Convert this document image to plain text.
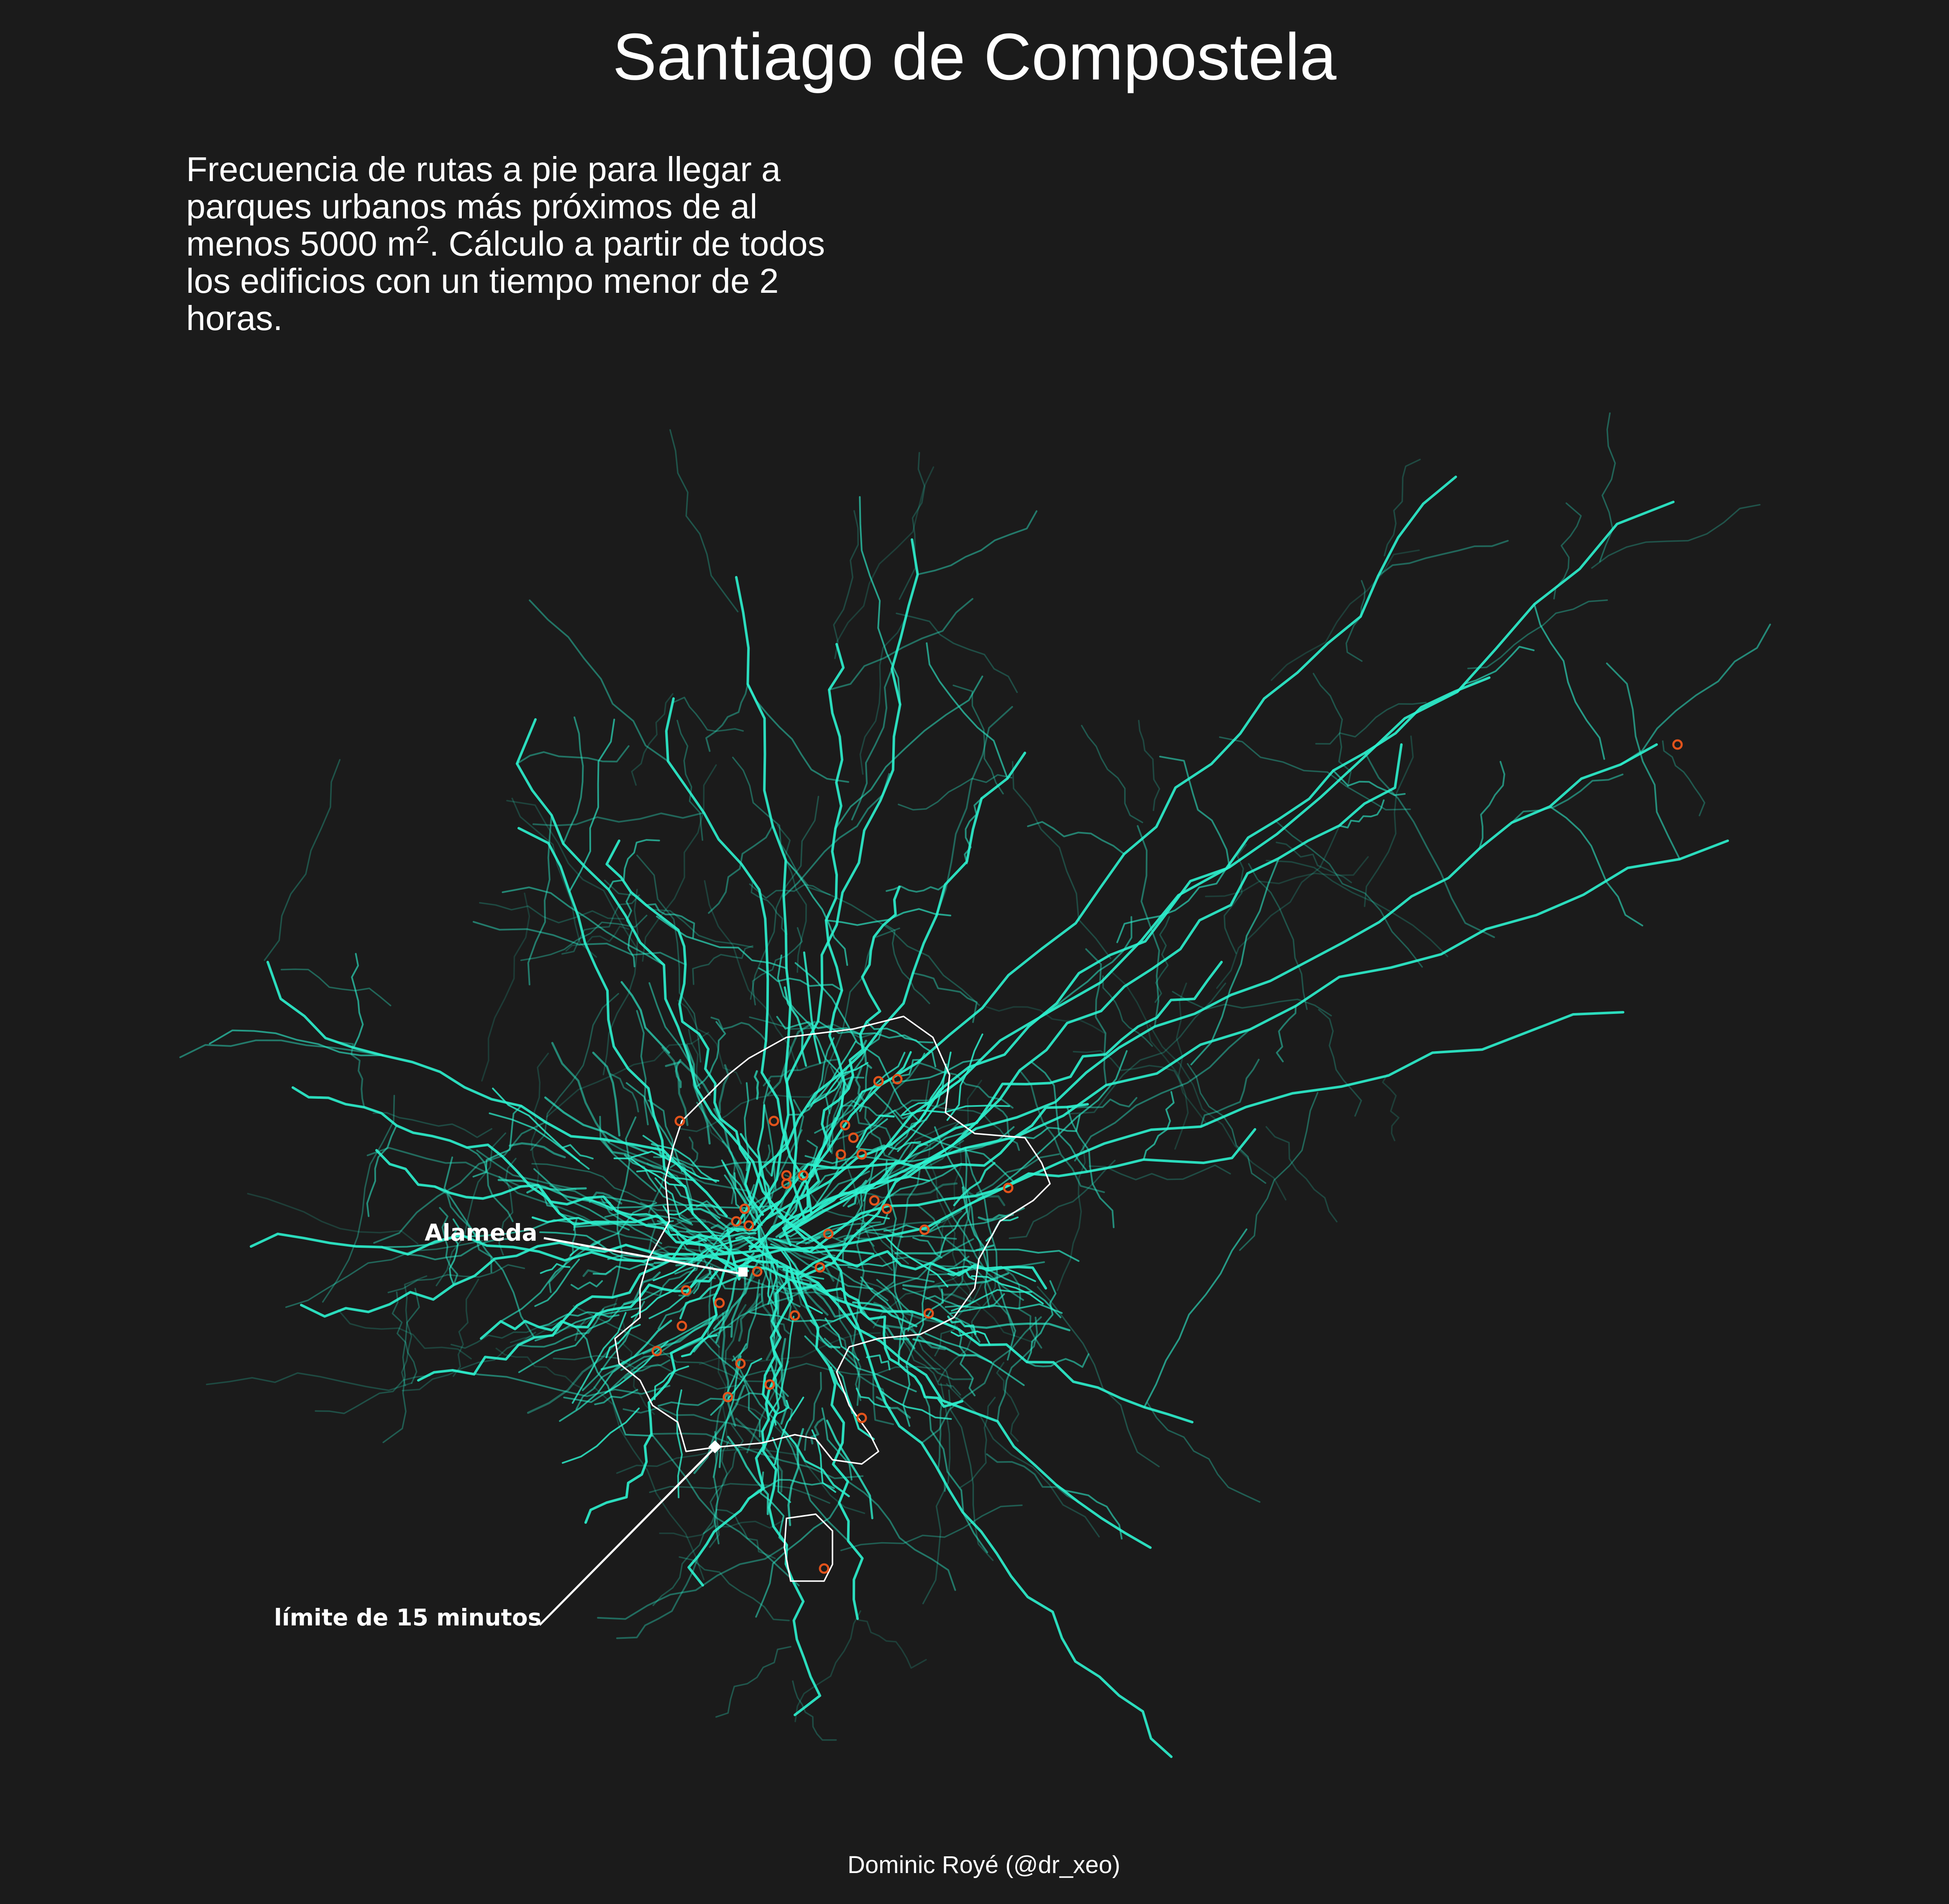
Santiago de Compostela
Frecuencia de rutas a pie para llegar a
parques urbanos más próximos de al
menos 5000 $m^2$. Cálculo a partir de todos
los edificios con un tiempo menor de 2
horas.
Alameda
límite de 15 minutos
Dominic Royé (@dr_xeo)
